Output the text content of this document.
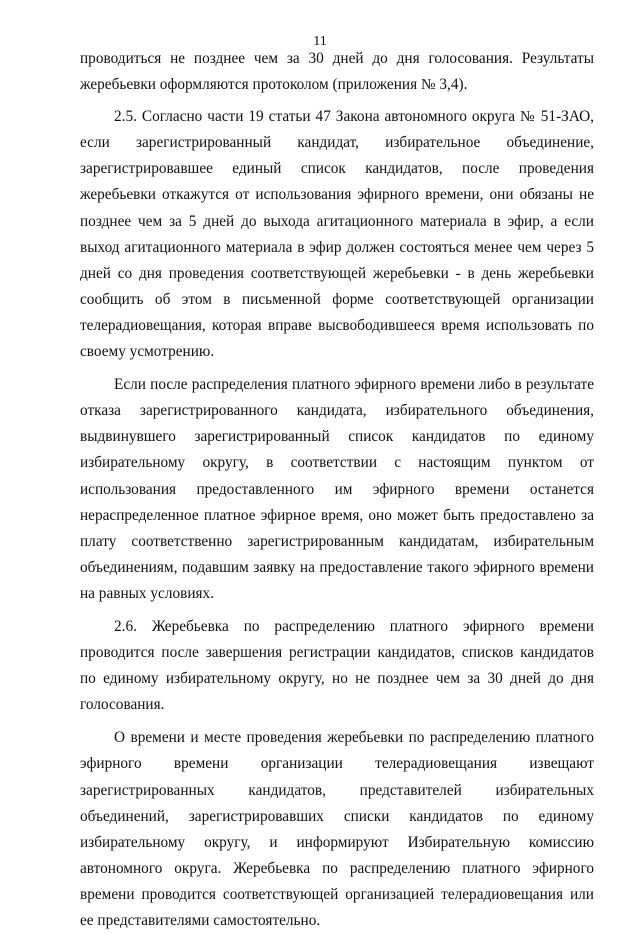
11

проводиться не позднее чем за 30 дней до дня голосования. Результаты жеребьевки оформляются протоколом (приложения № 3,4).

2.5. Согласно части 19 статьи 47 Закона автономного округа № 51-ЗАО, если зарегистрированный кандидат, избирательное объединение, зарегистрировавшее единый список кандидатов, после проведения жеребьевки откажутся от использования эфирного времени, они обязаны не позднее чем за 5 дней до выхода агитационного материала в эфир, а если выход агитационного материала в эфир должен состояться менее чем через 5 дней со дня проведения соответствующей жеребьевки - в день жеребьевки сообщить об этом в письменной форме соответствующей организации телерадиовещания, которая вправе высвободившееся время использовать по своему усмотрению.

Если после распределения платного эфирного времени либо в результате отказа зарегистрированного кандидата, избирательного объединения, выдвинувшего зарегистрированный список кандидатов по единому избирательному округу, в соответствии с настоящим пунктом от использования предоставленного им эфирного времени останется нераспределенное платное эфирное время, оно может быть предоставлено за плату соответственно зарегистрированным кандидатам, избирательным объединениям, подавшим заявку на предоставление такого эфирного времени на равных условиях.

2.6. Жеребьевка по распределению платного эфирного времени проводится после завершения регистрации кандидатов, списков кандидатов по единому избирательному округу, но не позднее чем за 30 дней до дня голосования.

О времени и месте проведения жеребьевки по распределению платного эфирного времени организации телерадиовещания извещают зарегистрированных кандидатов, представителей избирательных объединений, зарегистрировавших списки кандидатов по единому избирательному округу, и информируют Избирательную комиссию автономного округа. Жеребьевка по распределению платного эфирного времени проводится соответствующей организацией телерадиовещания или ее представителями самостоятельно.
